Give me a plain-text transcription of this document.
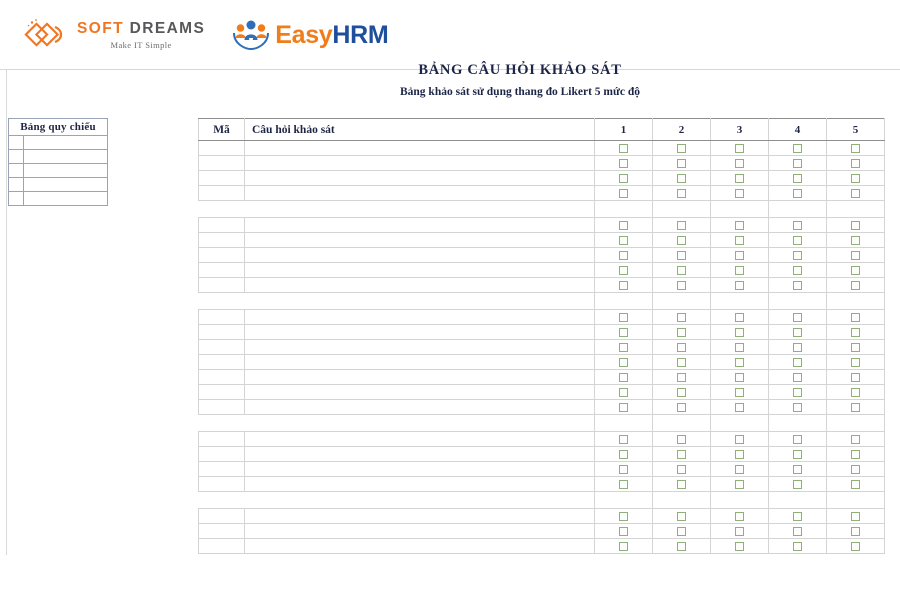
SOFT DREAMS
Make IT Simple	EasyHRM
BẢNG CÂU HỎI KHẢO SÁT
Bảng khảo sát sử dụng thang đo Likert 5 mức độ
Bảng quy chiếu	

		Mã	Câu hỏi khảo sát	1	2	3	4	5
